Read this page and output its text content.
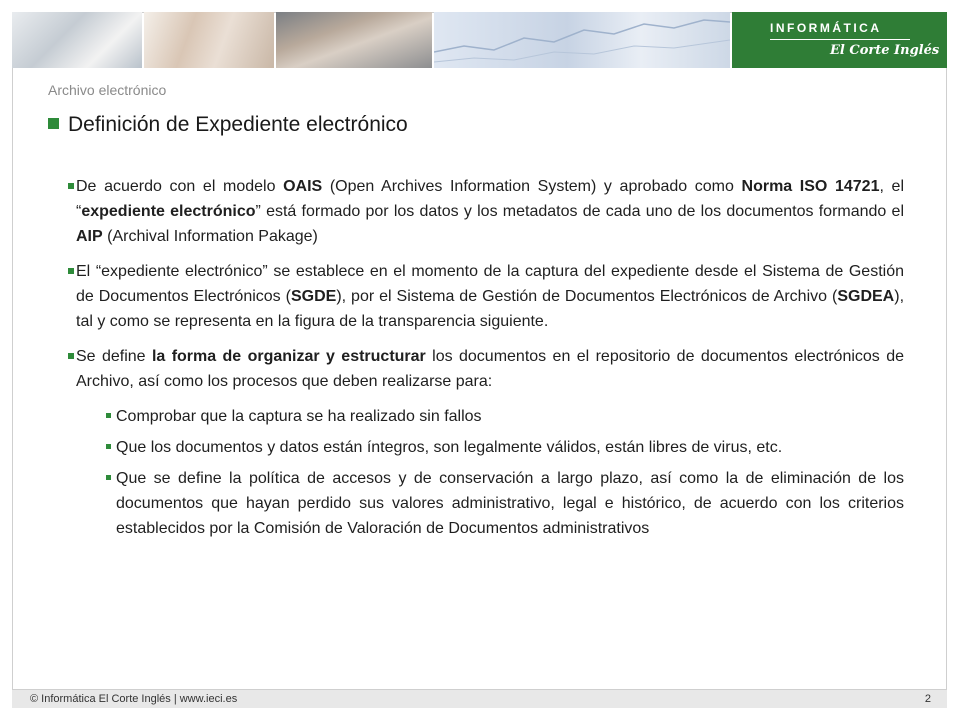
INFORMÁTICA
El Corte Inglés
Archivo electrónico
Definición de Expediente electrónico
De acuerdo con el modelo OAIS (Open Archives Information System) y aprobado como Norma ISO 14721, el “expediente electrónico” está formado por los datos y los metadatos de cada uno de los documentos formando el AIP (Archival Information Pakage)
El “expediente electrónico” se establece en el momento de la captura del expediente desde el Sistema de Gestión de Documentos Electrónicos (SGDE), por el Sistema de Gestión de Documentos Electrónicos de Archivo (SGDEA), tal y como se representa en la figura de la transparencia siguiente.
Se define la forma de organizar y estructurar los documentos en el repositorio de documentos electrónicos de Archivo, así como los procesos que deben realizarse para:
Comprobar que la captura se ha realizado sin fallos
Que los documentos y datos están íntegros, son legalmente válidos, están libres de virus, etc.
Que se define la política de accesos y de conservación a largo plazo, así como la de eliminación de los documentos que hayan perdido sus valores administrativo, legal e histórico, de acuerdo con los criterios establecidos por la Comisión de Valoración de Documentos administrativos
© Informática El Corte Inglés | www.ieci.es	2
